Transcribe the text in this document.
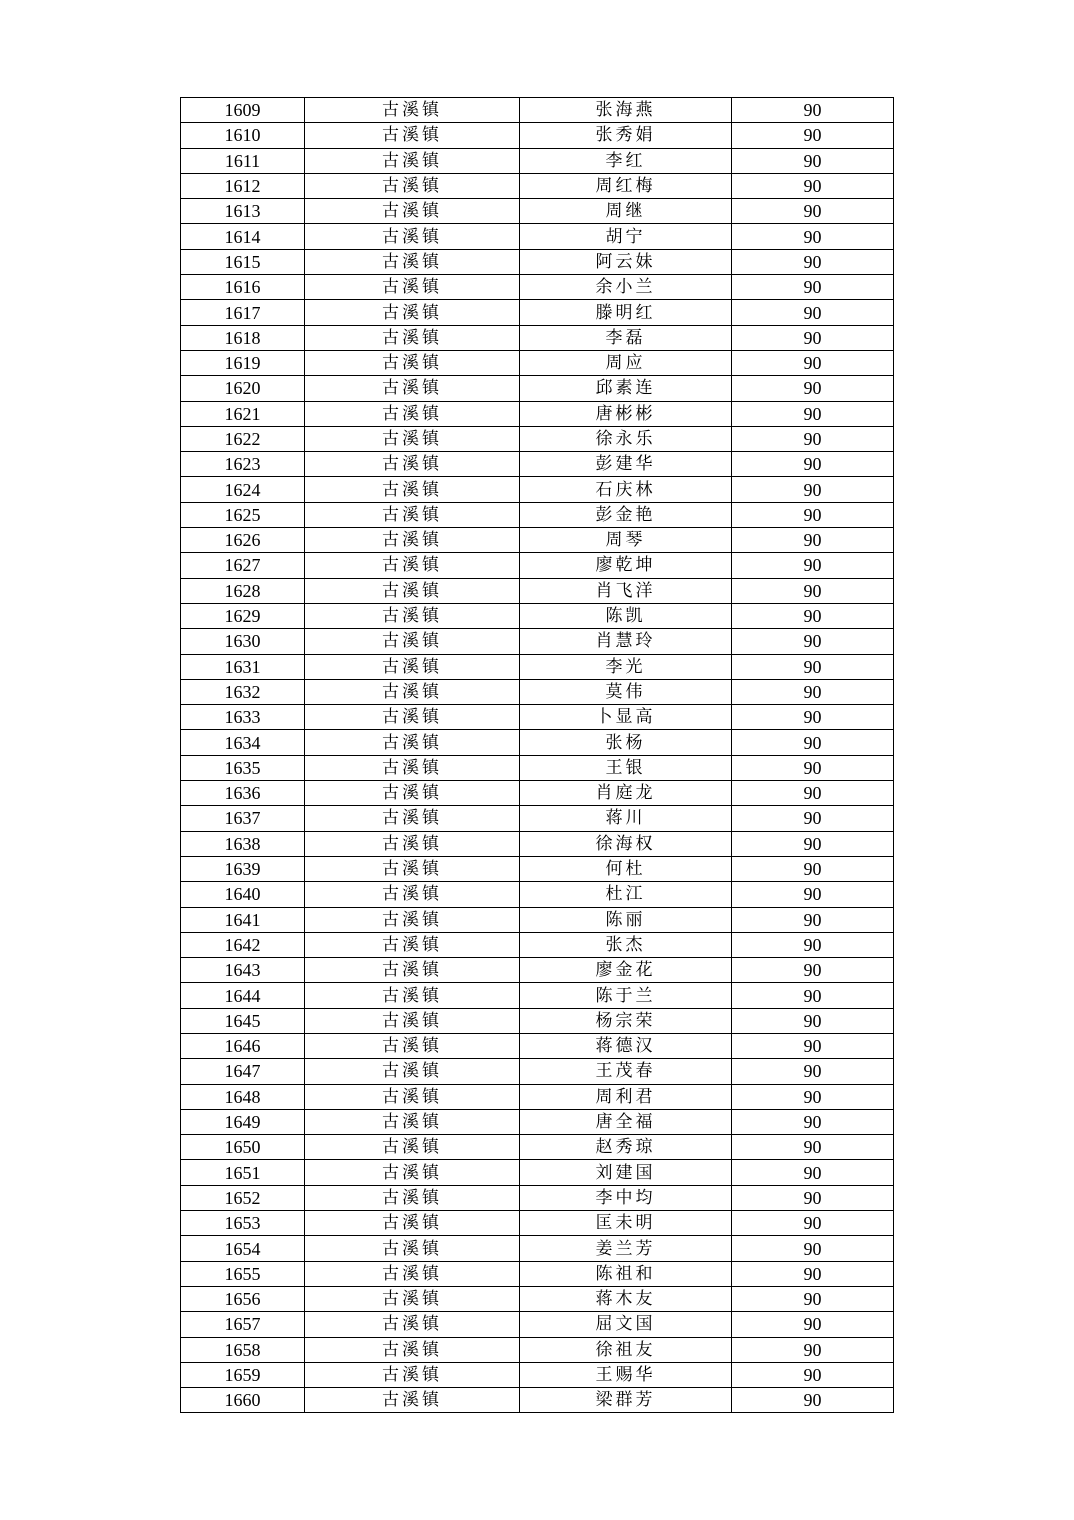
1609	古溪镇	张海燕	90
1610	古溪镇	张秀娟	90
1611	古溪镇	李红	90
1612	古溪镇	周红梅	90
1613	古溪镇	周继	90
1614	古溪镇	胡宁	90
1615	古溪镇	阿云妹	90
1616	古溪镇	余小兰	90
1617	古溪镇	滕明红	90
1618	古溪镇	李磊	90
1619	古溪镇	周应	90
1620	古溪镇	邱素连	90
1621	古溪镇	唐彬彬	90
1622	古溪镇	徐永乐	90
1623	古溪镇	彭建华	90
1624	古溪镇	石庆林	90
1625	古溪镇	彭金艳	90
1626	古溪镇	周琴	90
1627	古溪镇	廖乾坤	90
1628	古溪镇	肖飞洋	90
1629	古溪镇	陈凯	90
1630	古溪镇	肖慧玲	90
1631	古溪镇	李光	90
1632	古溪镇	莫伟	90
1633	古溪镇	卜显高	90
1634	古溪镇	张杨	90
1635	古溪镇	王银	90
1636	古溪镇	肖庭龙	90
1637	古溪镇	蒋川	90
1638	古溪镇	徐海权	90
1639	古溪镇	何杜	90
1640	古溪镇	杜江	90
1641	古溪镇	陈丽	90
1642	古溪镇	张杰	90
1643	古溪镇	廖金花	90
1644	古溪镇	陈于兰	90
1645	古溪镇	杨宗荣	90
1646	古溪镇	蒋德汉	90
1647	古溪镇	王茂春	90
1648	古溪镇	周利君	90
1649	古溪镇	唐全福	90
1650	古溪镇	赵秀琼	90
1651	古溪镇	刘建国	90
1652	古溪镇	李中均	90
1653	古溪镇	匡未明	90
1654	古溪镇	姜兰芳	90
1655	古溪镇	陈祖和	90
1656	古溪镇	蒋木友	90
1657	古溪镇	屈文国	90
1658	古溪镇	徐祖友	90
1659	古溪镇	王赐华	90
1660	古溪镇	梁群芳	90
